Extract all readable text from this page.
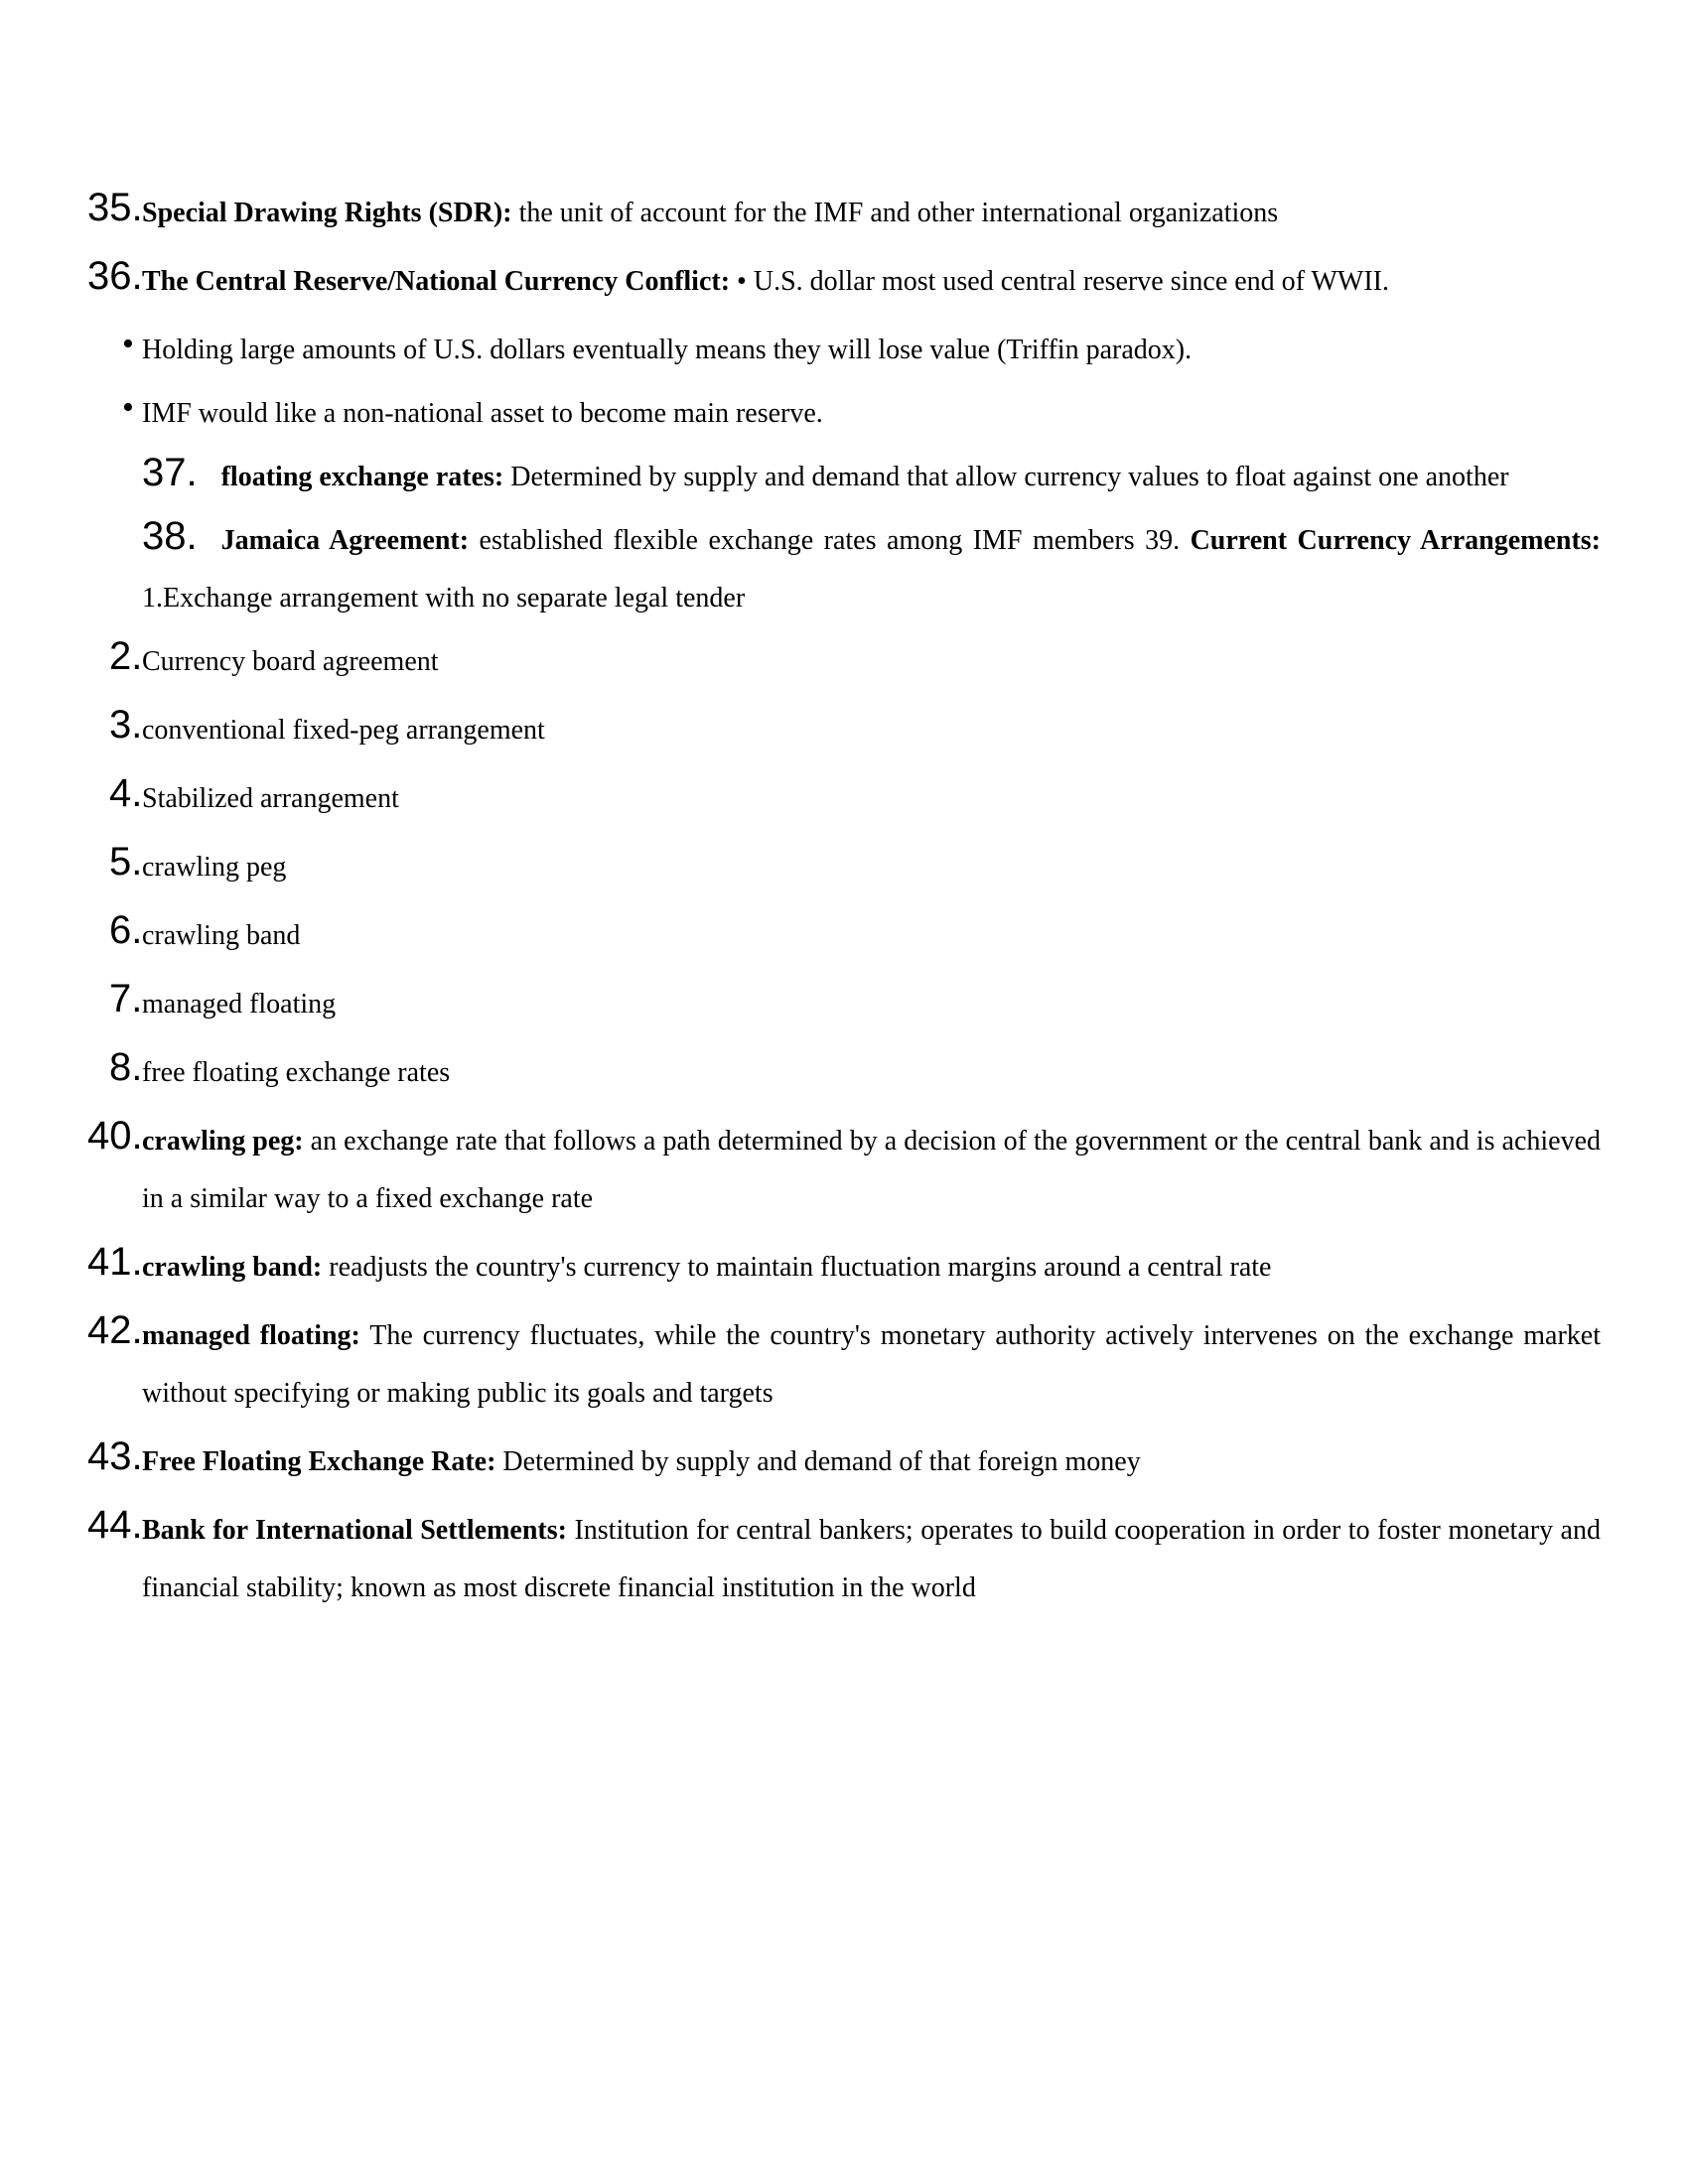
35. Special Drawing Rights (SDR): the unit of account for the IMF and other international organizations

36. The Central Reserve/National Currency Conflict: • U.S. dollar most used central reserve since end of WWII.

• Holding large amounts of U.S. dollars eventually means they will lose value (Triffin paradox).

• IMF would like a non-national asset to become main reserve.

37. floating exchange rates: Determined by supply and demand that allow currency values to float against one another

38. Jamaica Agreement: established flexible exchange rates among IMF members 39. Current Currency Arrangements: 1.Exchange arrangement with no separate legal tender

2. Currency board agreement

3. conventional fixed-peg arrangement

4. Stabilized arrangement

5. crawling peg

6. crawling band

7. managed floating

8. free floating exchange rates

40. crawling peg: an exchange rate that follows a path determined by a decision of the government or the central bank and is achieved in a similar way to a fixed exchange rate

41. crawling band: readjusts the country's currency to maintain fluctuation margins around a central rate

42. managed floating: The currency fluctuates, while the country's monetary authority actively intervenes on the exchange market without specifying or making public its goals and targets

43. Free Floating Exchange Rate: Determined by supply and demand of that foreign money

44. Bank for International Settlements: Institution for central bankers; operates to build cooperation in order to foster monetary and financial stability; known as most discrete financial institution in the world
